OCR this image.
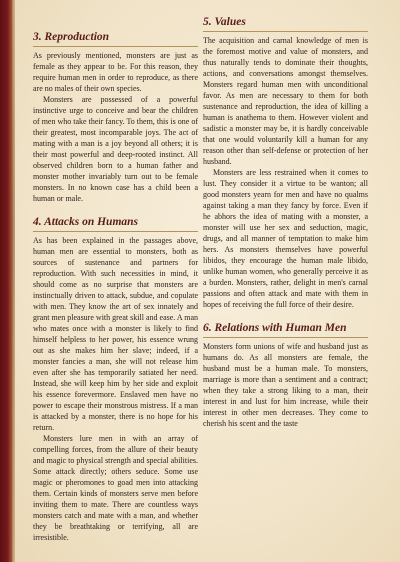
3. Reproduction

As previously mentioned, monsters are just as female as they appear to be. For this reason, they require human men in order to reproduce, as there are no males of their own species.

Monsters are possessed of a powerful instinctive urge to conceive and bear the children of men who take their fancy. To them, this is one of their greatest, most incomparable joys. The act of mating with a man is a joy beyond all others; it is their most powerful and deep-rooted instinct. All observed children born to a human father and monster mother invariably turn out to be female monsters. In no known case has a child been a human or male.

4. Attacks on Humans

As has been explained in the passages above, human men are essential to monsters, both as sources of sustenance and partners for reproduction. With such necessities in mind, it should come as no surprise that monsters are instinctually driven to attack, subdue, and copulate with men. They know the art of sex innately and grant men pleasure with great skill and ease. A man who mates once with a monster is likely to find himself helpless to her power, his essence wrung out as she makes him her slave; indeed, if a monster fancies a man, she will not release him even after she has temporarily satiated her need. Instead, she will keep him by her side and exploit his essence forevermore. Enslaved men have no power to escape their monstrous mistress. If a man is attacked by a monster, there is no hope for his return.

Monsters lure men in with an array of compelling forces, from the allure of their beauty and magic to physical strength and special abilities. Some attack directly; others seduce. Some use magic or pheromones to goad men into attacking them. Certain kinds of monsters serve men before inviting them to mate. There are countless ways monsters catch and mate with a man, and whether they be breathtaking or terrifying, all are irresistible.

5. Values

The acquisition and carnal knowledge of men is the foremost motive and value of monsters, and thus naturally tends to dominate their thoughts, actions, and conversations amongst themselves. Monsters regard human men with unconditional favor. As men are necessary to them for both sustenance and reproduction, the idea of killing a human is anathema to them. However violent and sadistic a monster may be, it is hardly conceivable that one would voluntarily kill a human for any reason other than self-defense or protection of her husband.

Monsters are less restrained when it comes to lust. They consider it a virtue to be wanton; all good monsters yearn for men and have no qualms against taking a man they fancy by force. Even if he abhors the idea of mating with a monster, a monster will use her sex and seduction, magic, drugs, and all manner of temptation to make him hers. As monsters themselves have powerful libidos, they encourage the human male libido, unlike human women, who generally perceive it as a burden. Monsters, rather, delight in men's carnal passions and often attack and mate with them in hopes of receiving the full force of their desire.

6. Relations with Human Men

Monsters form unions of wife and husband just as humans do. As all monsters are female, the husband must be a human male. To monsters, marriage is more than a sentiment and a contract; when they take a strong liking to a man, their interest in and lust for him increase, while their interest in other men decreases. They come to cherish his scent and the taste
